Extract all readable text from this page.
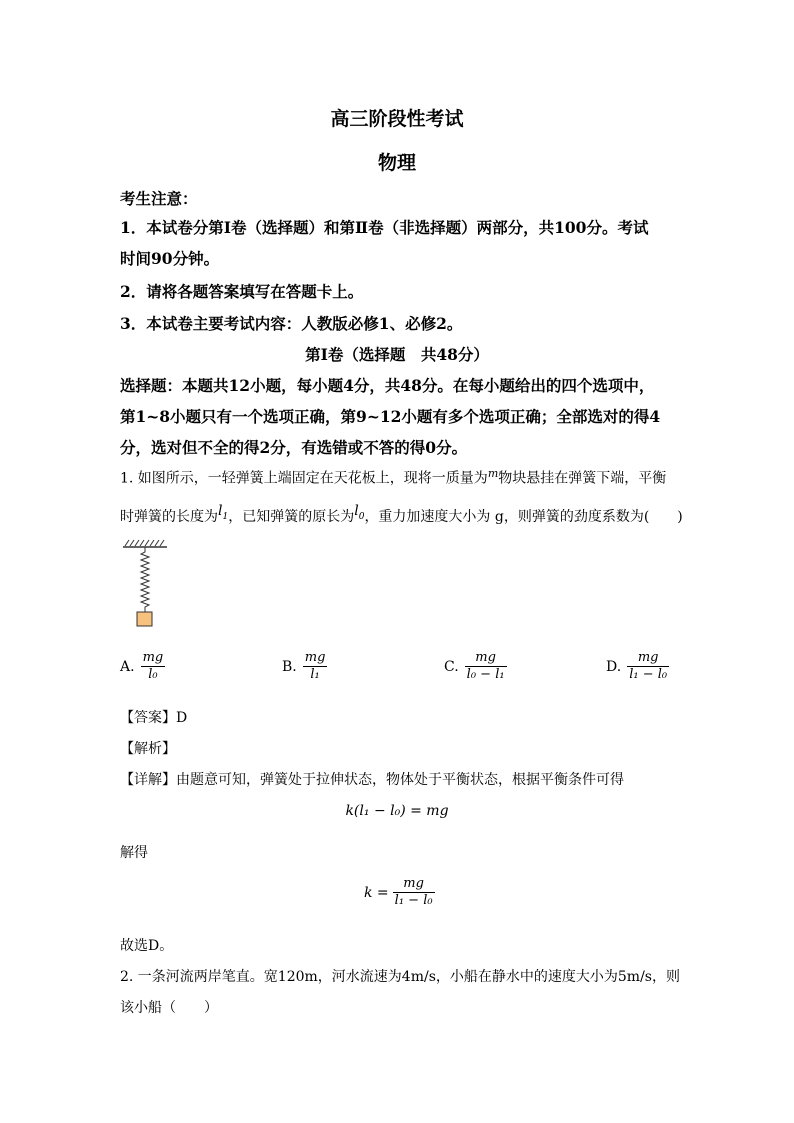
高三阶段性考试
物理
考生注意：
1．本试卷分第Ⅰ卷（选择题）和第Ⅱ卷（非选择题）两部分，共100分。考试
时间90分钟。
2．请将各题答案填写在答题卡上。
3．本试卷主要考试内容：人教版必修1、必修2。
第Ⅰ卷（选择题　共48分）
选择题：本题共12小题，每小题4分，共48分。在每小题给出的四个选项中，
第1~8小题只有一个选项正确，第9~12小题有多个选项正确；全部选对的得4
分，选对但不全的得2分，有选错或不答的得0分。
1. 如图所示，一轻弹簧上端固定在天花板上，现将一质量为$^m$物块悬挂在弹簧下端，平衡
时弹簧的长度为$l_1$，已知弹簧的原长为$l_0$，重力加速度大小为 g，则弹簧的劲度系数为(　　)
A. $\frac{mg}{\text{l₀}}$	B. $\frac{mg}{\text{l₁}}$	C. $\frac{mg}{\text{l₀ − l₁}}$	D. $\frac{mg}{\text{l₁ − l₀}}$
【答案】D
【解析】
【详解】由题意可知，弹簧处于拉伸状态，物体处于平衡状态，根据平衡条件可得
k(l₁ − l₀) = mg
解得
$k = \frac{mg}{\text{l₁ − l₀}}$
故选D。
2. 一条河流两岸笔直。宽120m，河水流速为4m/s，小船在静水中的速度大小为5m/s，则
该小船（　　）
